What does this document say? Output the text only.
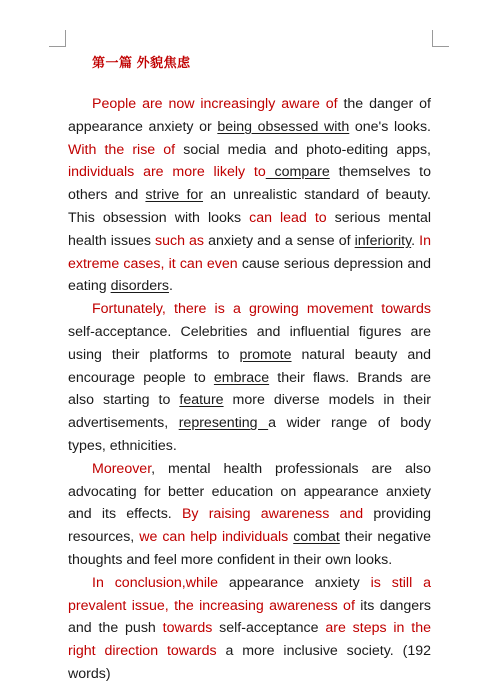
第一篇 外貌焦虑

People are now increasingly aware of the danger of appearance anxiety or being obsessed with one's looks. With the rise of social media and photo-editing apps, individuals are more likely to compare themselves to others and strive for an unrealistic standard of beauty. This obsession with looks can lead to serious mental health issues such as anxiety and a sense of inferiority. In extreme cases, it can even cause serious depression and eating disorders.

Fortunately, there is a growing movement towards self-acceptance. Celebrities and influential figures are using their platforms to promote natural beauty and encourage people to embrace their flaws. Brands are also starting to feature more diverse models in their advertisements, representing a wider range of body types, ethnicities.

Moreover, mental health professionals are also advocating for better education on appearance anxiety and its effects. By raising awareness and providing resources, we can help individuals combat their negative thoughts and feel more confident in their own looks.

In conclusion,while appearance anxiety is still a prevalent issue, the increasing awareness of its dangers and the push towards self-acceptance are steps in the right direction towards a more inclusive society. (192 words)
